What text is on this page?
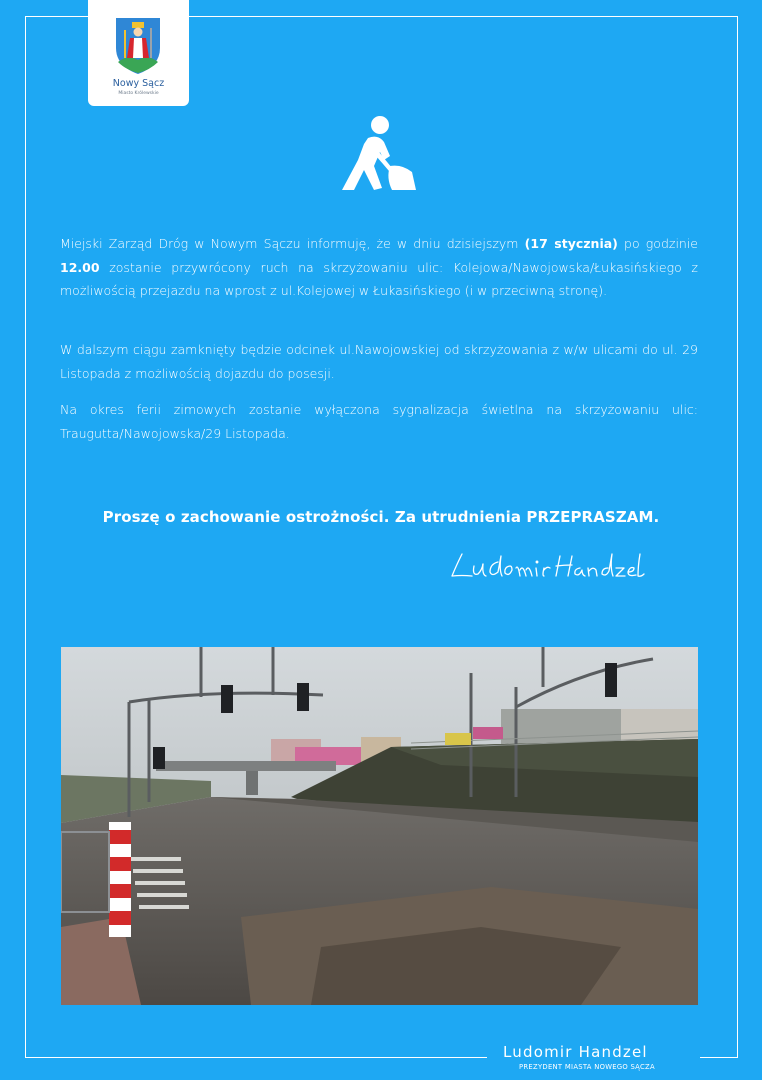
Nowy Sącz
Miasto Królewskie

Miejski Zarząd Dróg w Nowym Sączu informuję, że w dniu dzisiejszym (17 stycznia) po godzinie 12.00 zostanie przywrócony ruch na skrzyżowaniu ulic: Kolejowa/Nawojowska/Łukasińskiego z możliwością przejazdu na wprost z ul.Kolejowej w Łukasińskiego (i w przeciwną stronę).

W dalszym ciągu zamknięty będzie odcinek ul.Nawojowskiej od skrzyżowania z w/w ulicami do ul. 29 Listopada z możliwością dojazdu do posesji.

Na okres ferii zimowych zostanie wyłączona sygnalizacja świetlna na skrzyżowaniu ulic: Traugutta/Nawojowska/29 Listopada.

Proszę o zachowanie ostrożności. Za utrudnienia PRZEPRASZAM.
Ludomir Handzel
PREZYDENT MIASTA NOWEGO SĄCZA
